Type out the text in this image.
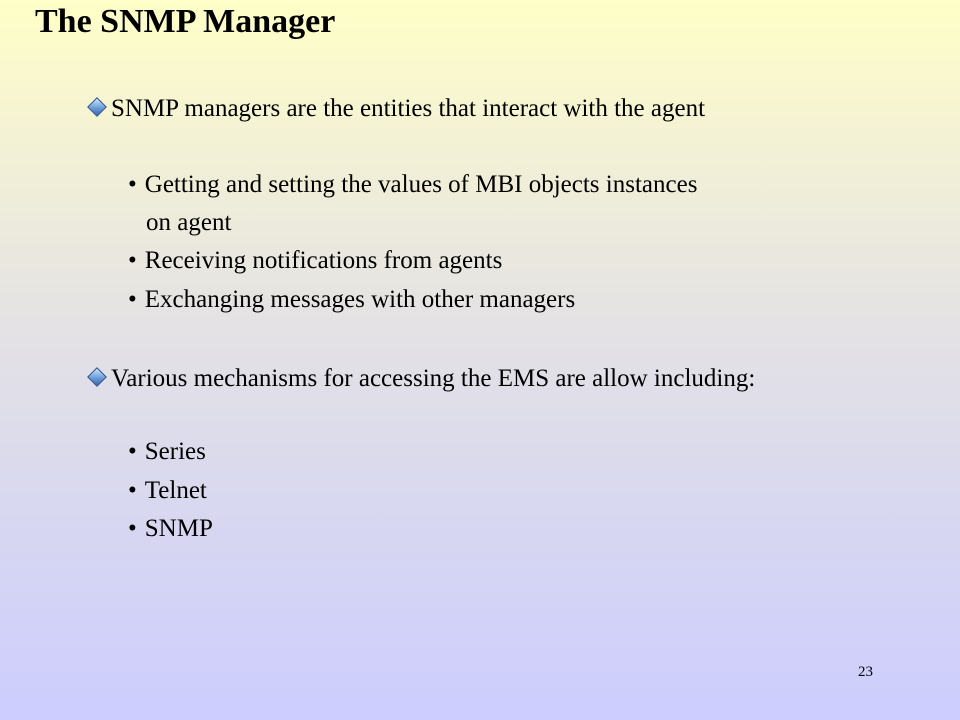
The SNMP Manager
SNMP managers are the entities that interact with the agent
• Getting and setting the values of MBI objects instances
on agent
• Receiving notifications from agents
• Exchanging messages with other managers
Various mechanisms for accessing the EMS are allow including:
• Series
• Telnet
• SNMP
23
